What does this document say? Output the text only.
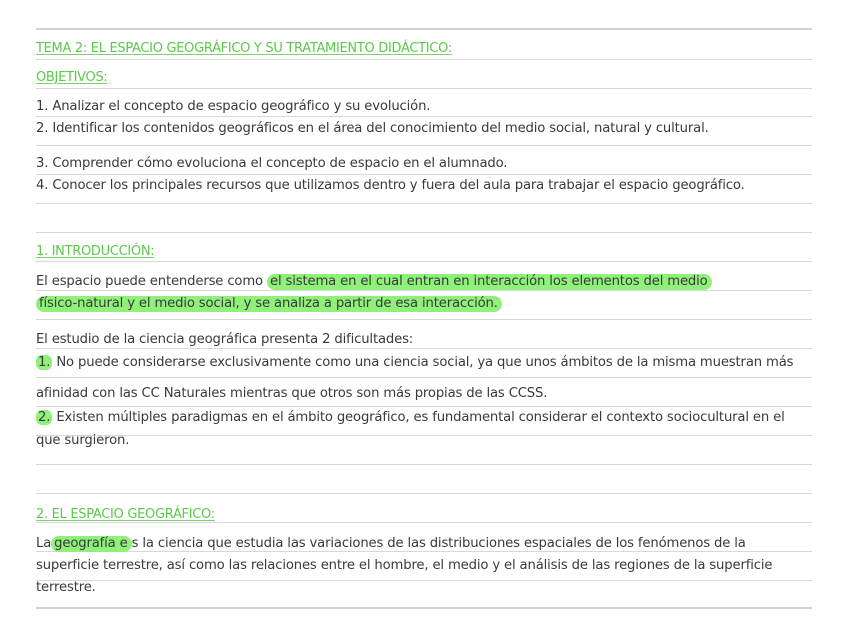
TEMA 2: EL ESPACIO GEOGRÁFICO Y SU TRATAMIENTO DIDÁCTICO:
OBJETIVOS:
1. Analizar el concepto de espacio geográfico y su evolución.
2. Identificar los contenidos geográficos en el área del conocimiento del medio social, natural y cultural.
3. Comprender cómo evoluciona el concepto de espacio en el alumnado.
4. Conocer los principales recursos que utilizamos dentro y fuera del aula para trabajar el espacio geográfico.
1. INTRODUCCIÓN:
El espacio puede entenderse como el sistema en el cual entran en interacción los elementos del medio
físico-natural y el medio social, y se analiza a partir de esa interacción.
El estudio de la ciencia geográfica presenta 2 dificultades:
1. No puede considerarse exclusivamente como una ciencia social, ya que unos ámbitos de la misma muestran más
afinidad con las CC Naturales mientras que otros son más propias de las CCSS.
2. Existen múltiples paradigmas en el ámbito geográfico, es fundamental considerar el contexto sociocultural en el
que surgieron.
2. EL ESPACIO GEOGRÁFICO:
La geografía e s la ciencia que estudia las variaciones de las distribuciones espaciales de los fenómenos de la
superficie terrestre, así como las relaciones entre el hombre, el medio y el análisis de las regiones de la superficie
terrestre.
